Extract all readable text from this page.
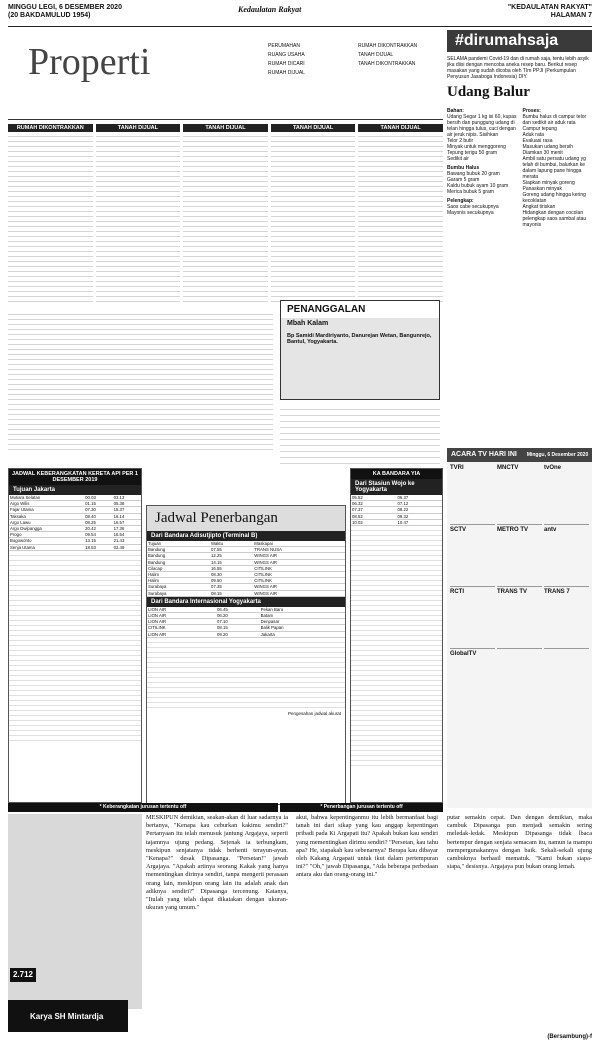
MINGGU LEGI, 6 DESEMBER 2020
(20 BAKDAMULUD 1954)
Kedaulatan Rakyat	"KEDAULATAN RAKYAT"
HALAMAN 7
Properti	PERUMAHAN
RUANG USAHA
RUMAH DICARI
RUMAH DIJUAL
RUMAH DIKONTRAKKAN
TANAH DIJUAL
TANAH DIKONTRAKKAN
RUMAH DIKONTRAKKAN	TANAH DIJUAL	TANAH DIJUAL	TANAH DIJUAL	TANAH DIJUAL
PENANGGALAN
Mbah Kalam
Bp Samidi Mardiriyanto, Danurejan Wetan, Bangunrejo, Bantul, Yogyakarta.
#dirumahsaja
SELAMA pandemi Covid-19 dan di rumah saja, tentu lebih asyik jika diisi dengan mencoba aneka resep baru. Berikut resep masakan yang sudah dicoba oleh TIm PPJI (Perkumpulan Penyusun Jasaboga Indonesia) DIY.
Udang Balur
Bahan:
Udang Segar 1 kg isi 60, kupas bersih dan punggung udang di telan hingga tulus, cuci dengan air jeruk nipis. Sisihkan
Telor 2 butir
Minyak untuk menggoreng
Tepung terigu 50 gram
Sedikit air
Bumbu Halus
Bawang bubuk 20 gram
Garam 5 gram
Kaldu bubuk ayam 10 gram
Merica bubuk 5 gram
Pelengkap:
Saos cabe secukupnya
Mayonis secukupnya
Proses:
Bumbu halus di campur telor dan sedikit air aduk rata
Campur tepung
Aduk rata
Evaluasi rasa
Masukan udang bersih
Diamkan 30 menit
Ambil satu persatu udang yg telah di bumbui, balurkan ke dalam lapung pane hingga merata
Siapkan minyak goreng
Panaskan minyak
Goreng udang hingga kering kecoklatan
Angkat tiriskan
Hidangkan dengan cocolan pelengkap saos sambal atau mayonis
JADWAL KEBERANGKATAN KERETA API PER 1 DESEMBER 2019
Tujuan Jakarta
Mutiara Selatan	00.03	03.13
Argo Wilis	01.15	05.38
Fajar Utama	07.30	15.37
Taksaka	08.40	16.14
Argo Lawu	08.25	16.57
Argo Dwipangga	20.42	17.36
Progo	09.54	16.54
Bogowonto	13.15	21.43
Senja Utama	18.53	02.49
Jadwal Penerbangan
Dari Bandara Adisutjipto (Terminal B)
Tujuan	Waktu	Maskapai
Bandung	07.55	TRANS NUSA
Bandung	12.25	WINGS AIR
Bandung	14.15	WINGS AIR
Cilacap	16.55	CITILINK
Halim	08.30	CITILINK
Halim	09.50	CITILINK
Surabaya	07.35	WINGS AIR
Surabaya	08.15	WINGS AIR
Dari Bandara Internasional Yogyakarta
LION AIR	06.45	Pekan Baru
LION AIR	06.20	Batam
LION AIR	07.10	Denpasar
CITILINK	08.15	Balik Papan
LION AIR	09.20	Jakarta
Pengesahan jadwal akurat
KA BANDARA YIA
Dari Stasiun Wojo ke Yogyakarta
05.52	06.37
06.32	07.12
07.37	08.22
08.52	09.32
10.02	10.47
ACARA TV HARI INI Minggu, 6 Desember 2020
TVRI	MNCTV	tvOne
SCTV	METRO TV	antv
RCTI	TRANS TV	TRANS 7
GlobalTV
* Keberangkatan jurusan tertentu off	* Penerbangan jurusan tertentu off
2.712
Karya SH Mintardja
MESKIPUN demikian, seakan-akan di luar sadarnya ia bertanya, "Kenapa kau ceburkan kakimu sendiri?" Pertanyaan itu telah menusuk jantung Argajaya, seperti tajamnya ujung pedang. Sejenak ia terbungkam, meskipun senjatanya tidak berhenti terayun-ayun. "Kenapa?" desak Dipasanga. "Persetan!" jawab Argajaya. "Apakah artinya seorang Kakak yang hanya mementingkan dirinya sendiri, tanpa mengerti perasaan orang lain, meskipun orang lain itu adalah anak dan adiknya sendiri?" Dipasanga tercenung. Katanya, "Itulah yang telah dapat dikatakan dengan ukuran-ukuran yang umum."
akui, bahwa kepentinganmu itu lebih bermanfaat bagi tanah ini dari sikap yang kau anggap kepentingan pribadi pada Ki Argapati itu? Apakah bukan kau sendiri yang mementingkan dirimu sendiri? "Persetan, kau tahu apa? He, siapakah kau sebenarnya? Berapa kau dibayar oleh Kakang Argapati untuk ikut dalam pertempuran ini?" "Oh," jawab Dipasanga, "Ada beberapa perbedaan antara aku dan orang-orang ini."
putar semakin cepat. Dan dengan demikian, maka cambuk Dipasanga pun menjadi semakin sering meledak-ledak. Meskipun Dipasanga tidak lbaca bertempur dengan senjata semacam itu, namun ia mampu mempergunakannya dengan baik. Sekali-sekali ujung cambuknya berhasil mematuk. "Kami bukan siapa-siapa," desisnya. Argajaya pun bukan orang lemah.
(Bersambung)-f
